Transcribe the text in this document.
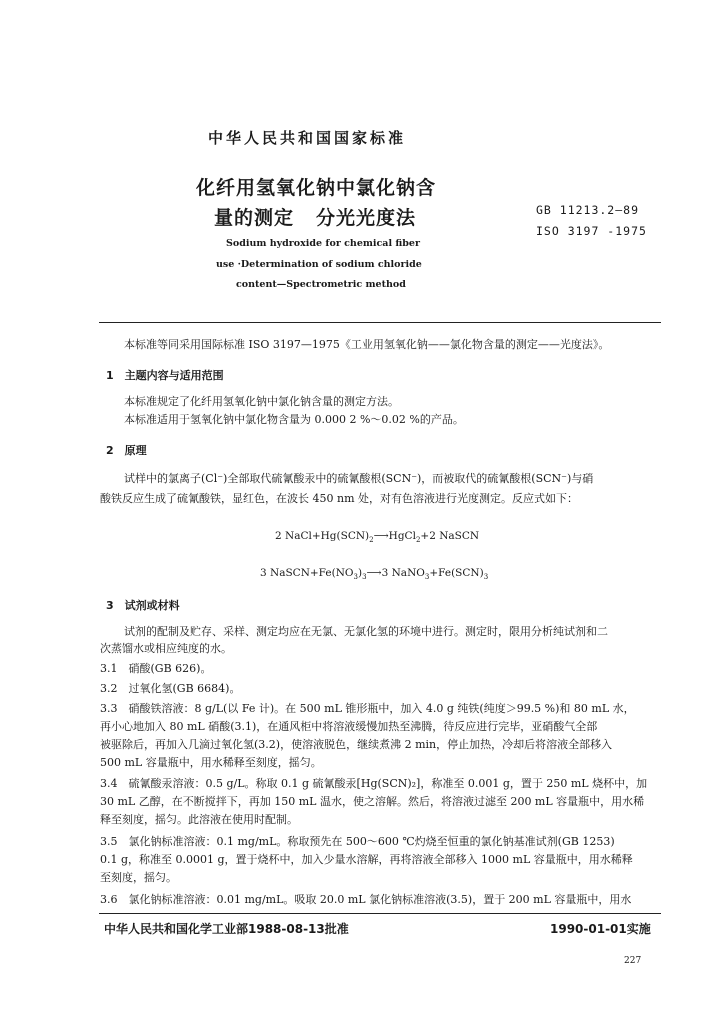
中华人民共和国国家标准
化纤用氢氧化钠中氯化钠含
量的测定 分光光度法	GB 11213.2—89
ISO 3197 -1975
Sodium hydroxide for chemical fiber
use ·Determination of sodium chloride
content—Spectrometric method
本标准等同采用国际标准 ISO 3197—1975《工业用氢氧化钠——氯化物含量的测定——光度法》。
1　主题内容与适用范围
本标准规定了化纤用氢氧化钠中氯化钠含量的测定方法。
本标准适用于氢氧化钠中氯化物含量为 0.000 2 %～0.02 %的产品。
2　原理
试样中的氯离子(Cl⁻)全部取代硫氰酸汞中的硫氰酸根(SCN⁻)，而被取代的硫氰酸根(SCN⁻)与硝
酸铁反应生成了硫氰酸铁，显红色，在波长 450 nm 处，对有色溶液进行光度测定。反应式如下：
2 $NaCl+Hg(SCN)_2⟶HgCl_2+2$ NaSCN
3 $NaSCN+Fe(NO_3)_3⟶3$ $NaNO_3+Fe(SCN)_3$
3　试剂或材料
试剂的配制及贮存、采样、测定均应在无氯、无氯化氢的环境中进行。测定时，限用分析纯试剂和二
次蒸馏水或相应纯度的水。
3.1　硝酸(GB 626)。
3.2　过氧化氢(GB 6684)。
3.3　硝酸铁溶液：8 g/L(以 Fe 计)。在 500 mL 锥形瓶中，加入 4.0 g 纯铁(纯度＞99.5 %)和 80 mL 水，
再小心地加入 80 mL 硝酸(3.1)，在通风柜中将溶液缓慢加热至沸腾，待反应进行完毕，亚硝酸气全部
被驱除后，再加入几滴过氧化氢(3.2)，使溶液脱色，继续煮沸 2 min，停止加热，冷却后将溶液全部移入
500 mL 容量瓶中，用水稀释至刻度，摇匀。
3.4　硫氰酸汞溶液：0.5 g/L。称取 0.1 g 硫氰酸汞[Hg(SCN)₂]，称准至 0.001 g，置于 250 mL 烧杯中，加
30 mL 乙醇，在不断搅拌下，再加 150 mL 温水，使之溶解。然后，将溶液过滤至 200 mL 容量瓶中，用水稀
释至刻度，摇匀。此溶液在使用时配制。
3.5　氯化钠标准溶液：0.1 mg/mL。称取预先在 500～600 ℃灼烧至恒重的氯化钠基准试剂(GB 1253)
0.1 g，称准至 0.0001 g，置于烧杯中，加入少量水溶解，再将溶液全部移入 1000 mL 容量瓶中，用水稀释
至刻度，摇匀。
3.6　氯化钠标准溶液：0.01 mg/mL。吸取 20.0 mL 氯化钠标准溶液(3.5)，置于 200 mL 容量瓶中，用水
中华人民共和国化学工业部1988-08-13批准	1990-01-01实施
227
